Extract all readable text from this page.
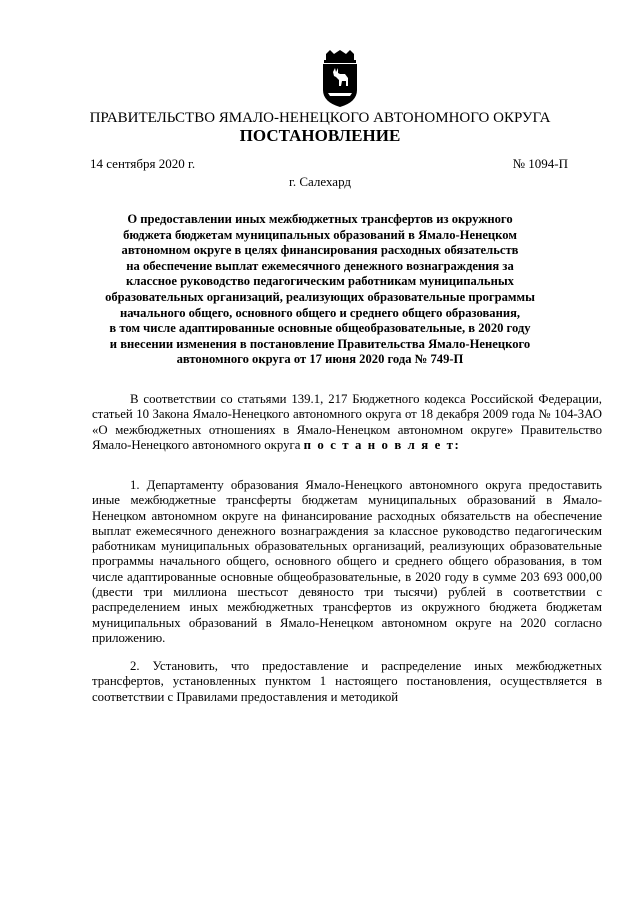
ПРАВИТЕЛЬСТВО ЯМАЛО-НЕНЕЦКОГО АВТОНОМНОГО ОКРУГА
ПОСТАНОВЛЕНИЕ
14 сентября 2020 г.	№ 1094-П
г. Салехард
О предоставлении иных межбюджетных трансфертов из окружного
бюджета бюджетам муниципальных образований в Ямало-Ненецком
автономном округе в целях финансирования расходных обязательств
на обеспечение выплат ежемесячного денежного вознаграждения за
классное руководство педагогическим работникам муниципальных
образовательных организаций, реализующих образовательные программы
начального общего, основного общего и среднего общего образования,
в том числе адаптированные основные общеобразовательные, в 2020 году
и внесении изменения в постановление Правительства Ямало-Ненецкого
автономного округа от 17 июня 2020 года № 749-П
В соответствии со статьями 139.1, 217 Бюджетного кодекса Российской Федерации, статьей 10 Закона Ямало-Ненецкого автономного округа от 18 декабря 2009 года № 104-ЗАО «О межбюджетных отношениях в Ямало-Ненецком автономном округе» Правительство Ямало-Ненецкого автономного округа п о с т а н о в л я е т:
1. Департаменту образования Ямало-Ненецкого автономного округа предоставить иные межбюджетные трансферты бюджетам муниципальных образований в Ямало-Ненецком автономном округе на финансирование расходных обязательств на обеспечение выплат ежемесячного денежного вознаграждения за классное руководство педагогическим работникам муниципальных образовательных организаций, реализующих образовательные программы начального общего, основного общего и среднего общего образования, в том числе адаптированные основные общеобразовательные, в 2020 году в сумме 203 693 000,00 (двести три миллиона шестьсот девяносто три тысячи) рублей в соответствии с распределением иных межбюджетных трансфертов из окружного бюджета бюджетам муниципальных образований в Ямало-Ненецком автономном округе на 2020 согласно приложению.
2. Установить, что предоставление и распределение иных межбюджетных трансфертов, установленных пунктом 1 настоящего постановления, осуществляется в соответствии с Правилами предоставления и методикой
